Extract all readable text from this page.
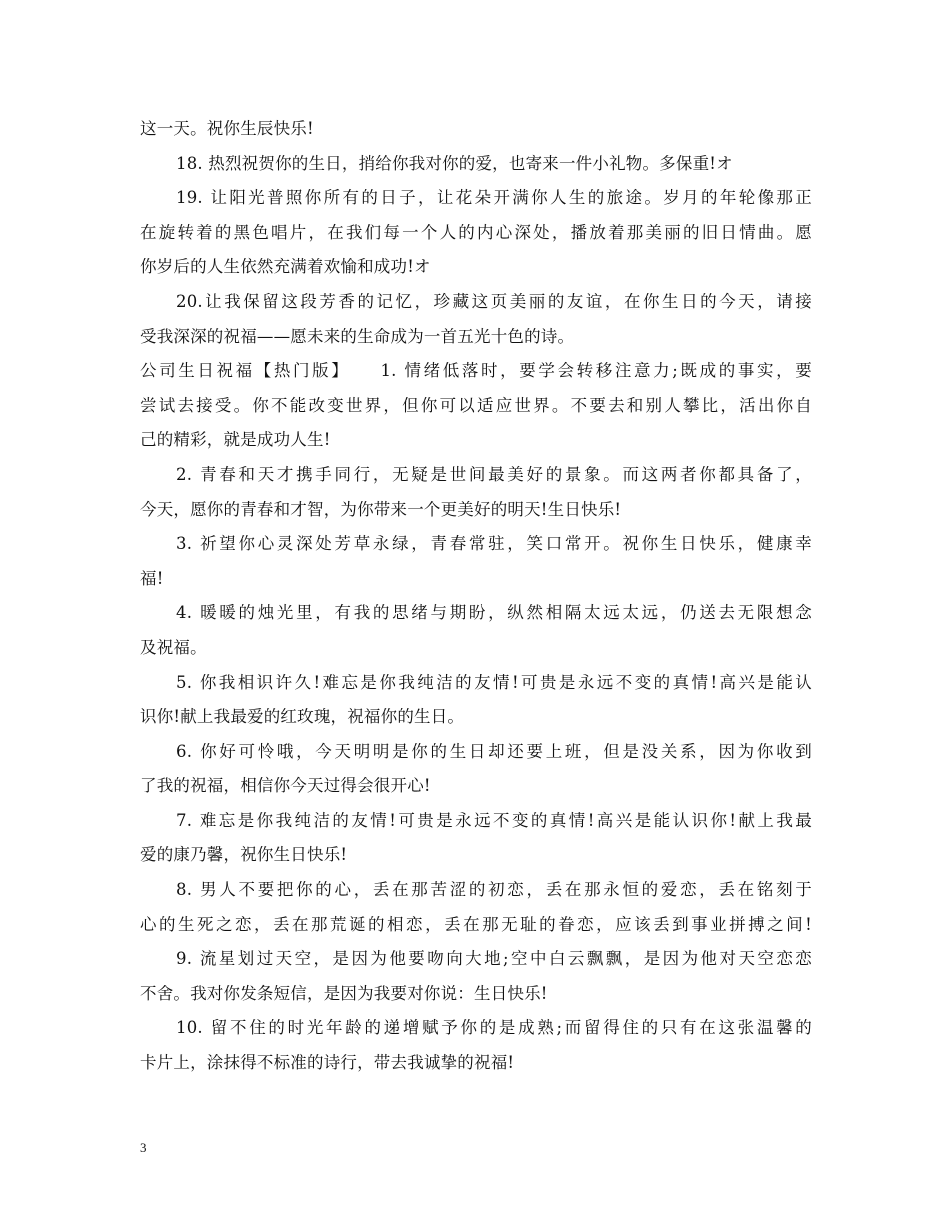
这一天。祝你生辰快乐!
18. 热烈祝贺你的生日，捎给你我对你的爱，也寄来一件小礼物。多保重!オ
19. 让阳光普照你所有的日子，让花朵开满你人生的旅途。岁月的年轮像那正
在旋转着的黑色唱片，在我们每一个人的内心深处，播放着那美丽的旧日情曲。愿
你岁后的人生依然充满着欢愉和成功!オ
20.让我保留这段芳香的记忆，珍藏这页美丽的友谊，在你生日的今天，请接
受我深深的祝福——愿未来的生命成为一首五光十色的诗。
公司生日祝福【热门版】　　1. 情绪低落时，要学会转移注意力;既成的事实，要
尝试去接受。你不能改变世界，但你可以适应世界。不要去和别人攀比，活出你自
己的精彩，就是成功人生!
2. 青春和天才携手同行，无疑是世间最美好的景象。而这两者你都具备了，
今天，愿你的青春和才智，为你带来一个更美好的明天!生日快乐!
3. 祈望你心灵深处芳草永绿，青春常驻，笑口常开。祝你生日快乐，健康幸
福!
4. 暖暖的烛光里，有我的思绪与期盼，纵然相隔太远太远，仍送去无限想念
及祝福。
5. 你我相识许久!难忘是你我纯洁的友情!可贵是永远不变的真情!高兴是能认
识你!献上我最爱的红玫瑰，祝福你的生日。
6. 你好可怜哦，今天明明是你的生日却还要上班，但是没关系，因为你收到
了我的祝福，相信你今天过得会很开心!
7. 难忘是你我纯洁的友情!可贵是永远不变的真情!高兴是能认识你!献上我最
爱的康乃馨，祝你生日快乐!
8. 男人不要把你的心，丢在那苦涩的初恋，丢在那永恒的爱恋，丢在铭刻于
心的生死之恋，丢在那荒诞的相恋，丢在那无耻的眷恋，应该丢到事业拼搏之间!
9. 流星划过天空，是因为他要吻向大地;空中白云飘飘，是因为他对天空恋恋
不舍。我对你发条短信，是因为我要对你说：生日快乐!
10. 留不住的时光年龄的递增赋予你的是成熟;而留得住的只有在这张温馨的
卡片上，涂抹得不标准的诗行，带去我诚挚的祝福!
3
